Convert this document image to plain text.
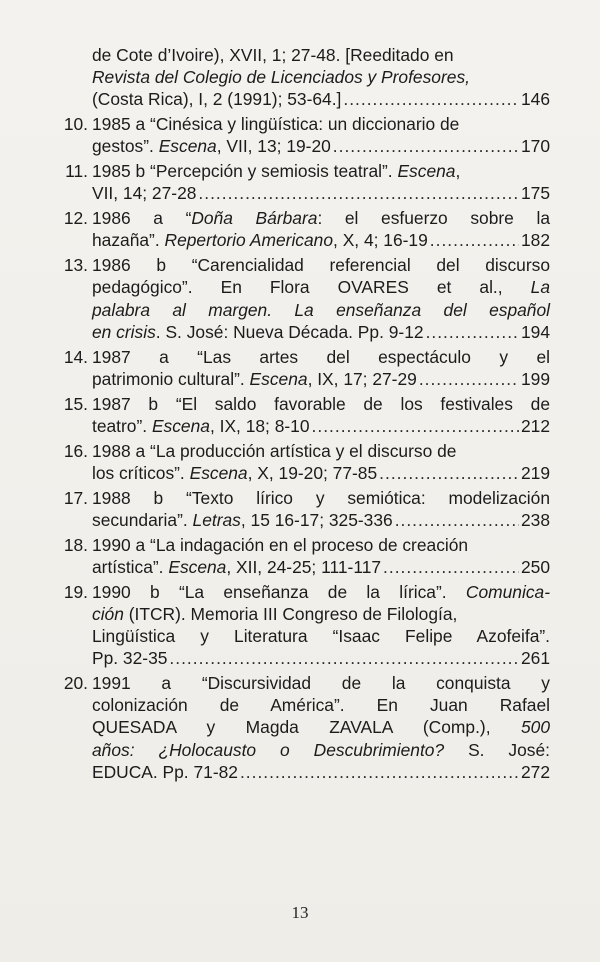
de Cote d’Ivoire), XVII, 1; 27-48. [Reeditado en
Revista del Colegio de Licenciados y Profesores,
(Costa Rica), I, 2 (1991); 53-64.] .....	146
10. 1985 a “Cinésica y lingüística: un diccionario de
gestos”. Escena, VII, 13; 19-20 .....	170
11. 1985 b “Percepción y semiosis teatral”. Escena,
VII, 14; 27-28 .....	175
12. 1986 a “Doña Bárbara: el esfuerzo sobre la
hazaña”. Repertorio Americano, X, 4; 16-19 .....	182
13. 1986 b “Carencialidad referencial del discurso
pedagógico”. En Flora OVARES et al., La
palabra al margen. La enseñanza del español
en crisis. S. José: Nueva Década. Pp. 9-12 .....	194
14. 1987 a “Las artes del espectáculo y el
patrimonio cultural”. Escena, IX, 17; 27-29 .....	199
15. 1987 b “El saldo favorable de los festivales de
teatro”. Escena, IX, 18; 8-10 .....	212
16. 1988 a “La producción artística y el discurso de
los críticos”. Escena, X, 19-20; 77-85 .....	219
17. 1988 b “Texto lírico y semiótica: modelización
secundaria”. Letras, 15 16-17; 325-336 .....	238
18. 1990 a “La indagación en el proceso de creación
artística”. Escena, XII, 24-25; 111-117 .....	250
19. 1990 b “La enseñanza de la lírica”. Comunica-
ción (ITCR). Memoria III Congreso de Filología,
Lingüística y Literatura “Isaac Felipe Azofeifa”.
Pp. 32-35 .....	261
20. 1991 a “Discursividad de la conquista y
colonización de América”. En Juan Rafael
QUESADA y Magda ZAVALA (Comp.), 500
años: ¿Holocausto o Descubrimiento? S. José:
EDUCA. Pp. 71-82 .....	272
13
